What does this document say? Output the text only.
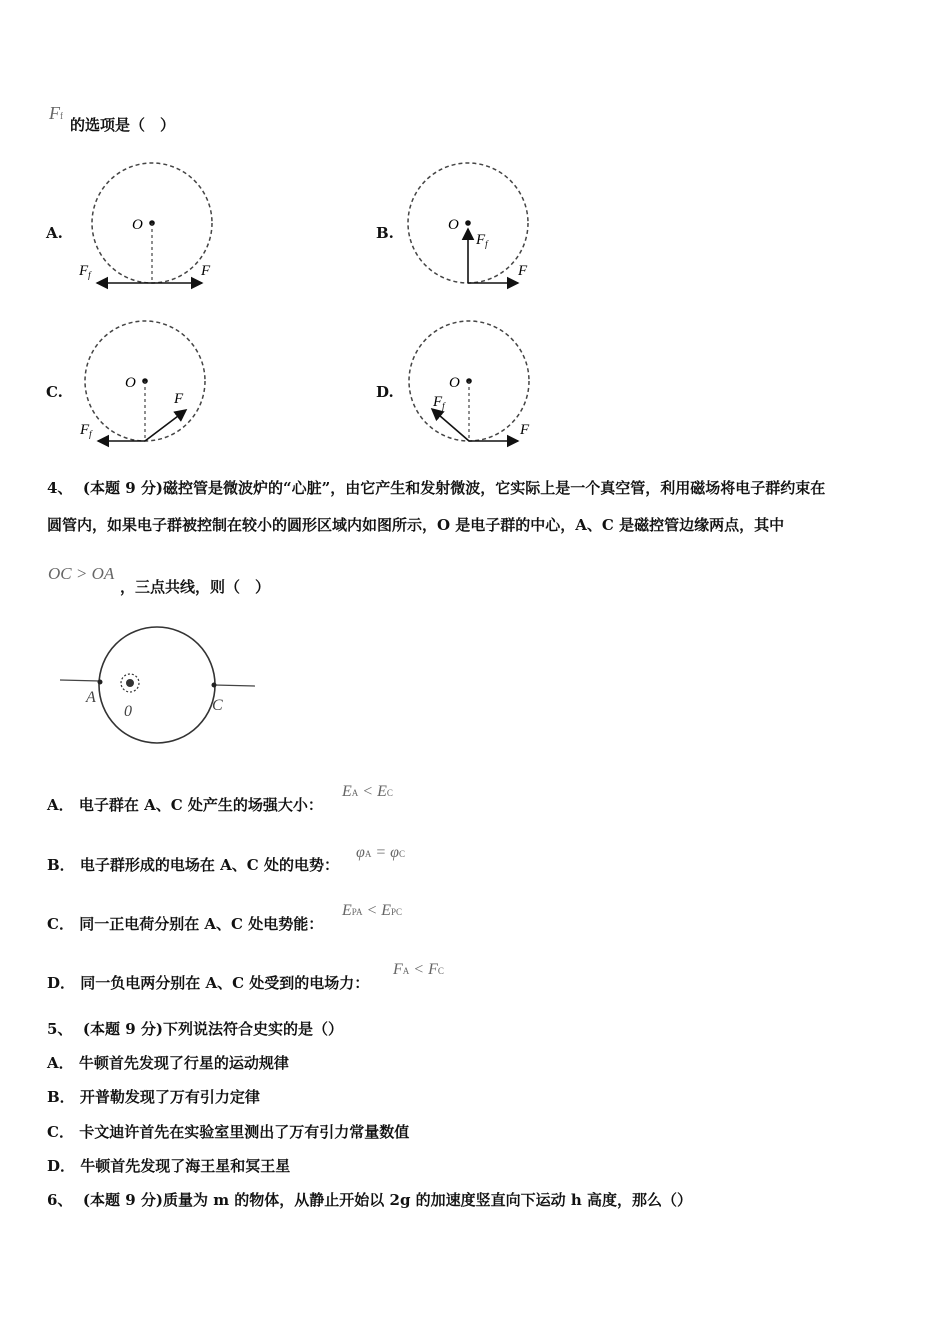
Ff 的选项是（　）
A.	B.
C.	D.
O
F
$F_f$
O
$F_f$
F
O
F
$F_f$
O
F
$F_f$
4、 (本题 9 分)磁控管是微波炉的“心脏”，由它产生和发射微波，它实际上是一个真空管，利用磁场将电子群约束在
圆管内，如果电子群被控制在较小的圆形区域内如图所示，O 是电子群的中心，A、C 是磁控管边缘两点，其中
OC > OA
，三点共线，则（　）
A
0	C
A． 电子群在 A、C 处产生的场强大小：
EA < EC
B． 电子群形成的电场在 A、C 处的电势：
φA = φC
C． 同一正电荷分别在 A、C 处电势能：
EPA < EPC
D． 同一负电两分别在 A、C 处受到的电场力：
FA < FC
5、 (本题 9 分)下列说法符合史实的是（）
A． 牛顿首先发现了行星的运动规律
B． 开普勒发现了万有引力定律
C． 卡文迪许首先在实验室里测出了万有引力常量数值
D． 牛顿首先发现了海王星和冥王星
6、 (本题 9 分)质量为 m 的物体，从静止开始以 2g 的加速度竖直向下运动 h 高度，那么（）
